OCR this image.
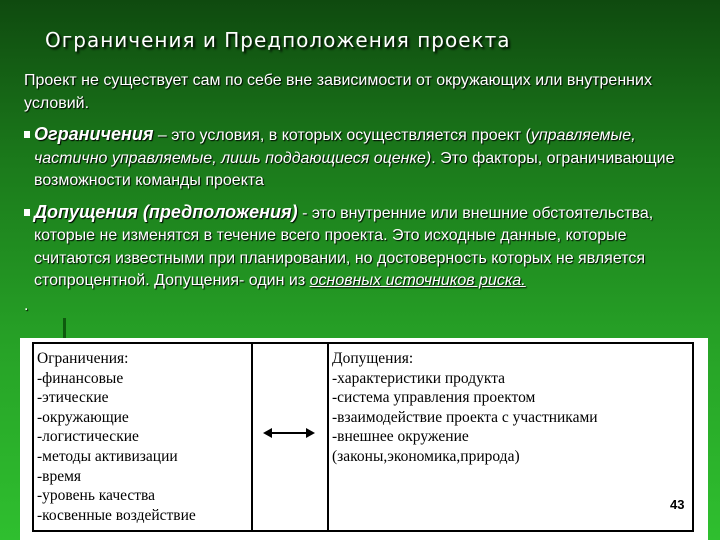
Ограничения и Предположения проекта

Проект не существует сам по себе вне зависимости от окружающих или внутренних условий.

Ограничения – это условия, в которых осуществляется проект (управляемые, частично управляемые, лишь поддающиеся оценке). Это факторы, ограничивающие возможности команды проекта

Допущения (предположения) - это внутренние или внешние обстоятельства, которые не изменятся в течение всего проекта. Это исходные данные, которые считаются известными при планировании, но достоверность которых не является стопроцентной. Допущения- один из основных источников риска.

.

Ограничения:
-финансовые
-этические
-окружающие
-логистические
-методы активизации
-время
-уровень качества
-косвенные воздействие
Допущения:
-характеристики продукта
-система управления проектом
-взаимодействие проекта с участниками
-внешнее окружение
(законы,экономика,природа)
43
